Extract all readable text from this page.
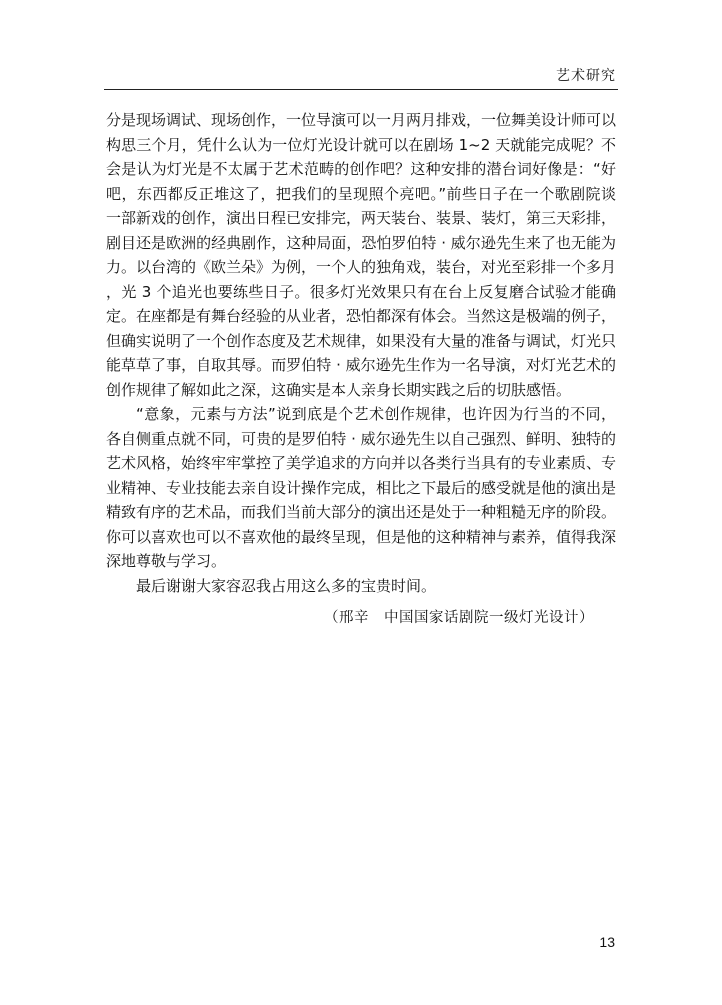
艺术研究

分是现场调试、现场创作，一位导演可以一月两月排戏，一位舞美设计师可以构思三个月，凭什么认为一位灯光设计就可以在剧场 1~2 天就能完成呢？不会是认为灯光是不太属于艺术范畴的创作吧？这种安排的潜台词好像是：“好吧，东西都反正堆这了，把我们的呈现照个亮吧。”前些日子在一个歌剧院谈一部新戏的创作，演出日程已安排完，两天装台、装景、装灯，第三天彩排，剧目还是欧洲的经典剧作，这种局面，恐怕罗伯特 · 威尔逊先生来了也无能为力。以台湾的《欧兰朵》为例，一个人的独角戏，装台，对光至彩排一个多月，光 3 个追光也要练些日子。很多灯光效果只有在台上反复磨合试验才能确定。在座都是有舞台经验的从业者，恐怕都深有体会。当然这是极端的例子，但确实说明了一个创作态度及艺术规律，如果没有大量的准备与调试，灯光只能草草了事，自取其辱。而罗伯特 · 威尔逊先生作为一名导演，对灯光艺术的创作规律了解如此之深，这确实是本人亲身长期实践之后的切肤感悟。

“意象，元素与方法”说到底是个艺术创作规律，也许因为行当的不同，各自侧重点就不同，可贵的是罗伯特 · 威尔逊先生以自己强烈、鲜明、独特的艺术风格，始终牢牢掌控了美学追求的方向并以各类行当具有的专业素质、专业精神、专业技能去亲自设计操作完成，相比之下最后的感受就是他的演出是精致有序的艺术品，而我们当前大部分的演出还是处于一种粗糙无序的阶段。你可以喜欢也可以不喜欢他的最终呈现，但是他的这种精神与素养，值得我深深地尊敬与学习。

最后谢谢大家容忍我占用这么多的宝贵时间。

（邢辛　中国国家话剧院一级灯光设计）
13
